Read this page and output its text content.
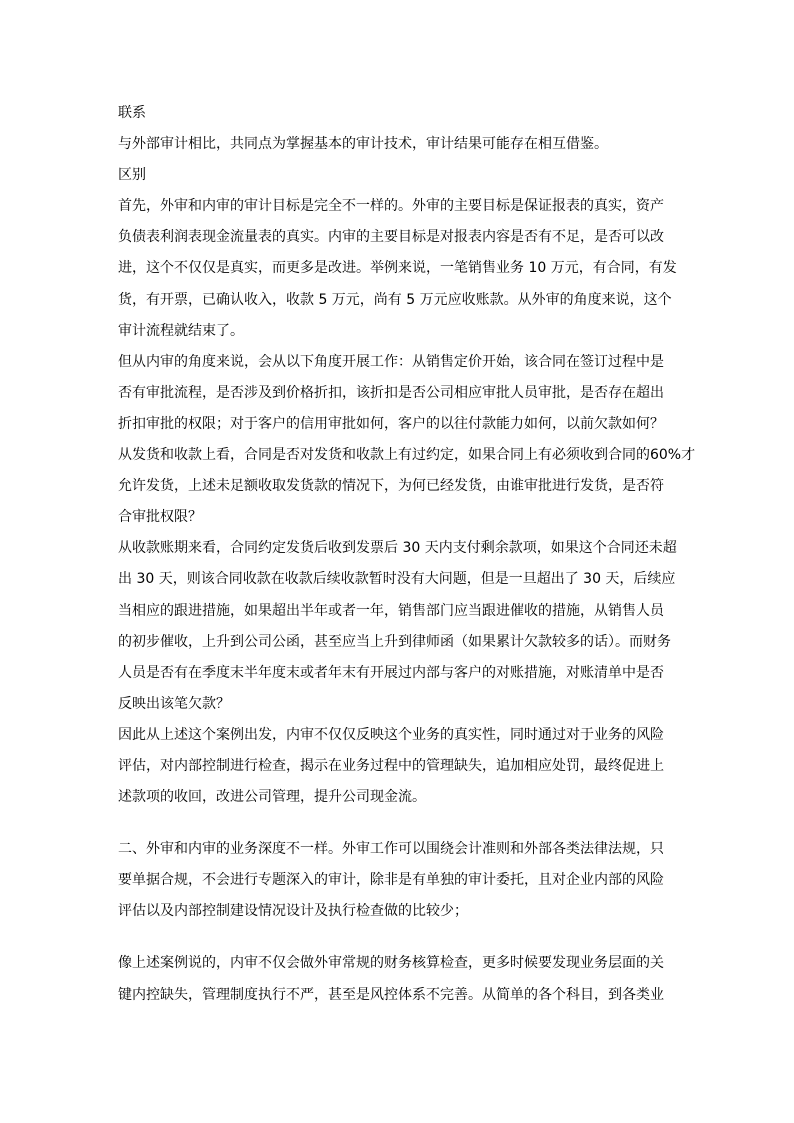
联系
与外部审计相比，共同点为掌握基本的审计技术，审计结果可能存在相互借鉴。
区别
首先，外审和内审的审计目标是完全不一样的。外审的主要目标是保证报表的真实，资产
负债表利润表现金流量表的真实。内审的主要目标是对报表内容是否有不足，是否可以改
进，这个不仅仅是真实，而更多是改进。举例来说，一笔销售业务 10 万元，有合同，有发
货，有开票，已确认收入，收款 5 万元，尚有 5 万元应收账款。从外审的角度来说，这个
审计流程就结束了。
但从内审的角度来说，会从以下角度开展工作：从销售定价开始，该合同在签订过程中是
否有审批流程，是否涉及到价格折扣，该折扣是否公司相应审批人员审批，是否存在超出
折扣审批的权限；对于客户的信用审批如何，客户的以往付款能力如何，以前欠款如何？
从发货和收款上看，合同是否对发货和收款上有过约定，如果合同上有必须收到合同的60%才
允许发货，上述未足额收取发货款的情况下，为何已经发货，由谁审批进行发货，是否符
合审批权限？
从收款账期来看，合同约定发货后收到发票后 30 天内支付剩余款项，如果这个合同还未超
出 30 天，则该合同收款在收款后续收款暂时没有大问题，但是一旦超出了 30 天，后续应
当相应的跟进措施，如果超出半年或者一年，销售部门应当跟进催收的措施，从销售人员
的初步催收，上升到公司公函，甚至应当上升到律师函（如果累计欠款较多的话）。而财务
人员是否有在季度末半年度末或者年末有开展过内部与客户的对账措施，对账清单中是否
反映出该笔欠款？
因此从上述这个案例出发，内审不仅仅反映这个业务的真实性，同时通过对于业务的风险
评估，对内部控制进行检查，揭示在业务过程中的管理缺失，追加相应处罚，最终促进上
述款项的收回，改进公司管理，提升公司现金流。
二、外审和内审的业务深度不一样。外审工作可以围绕会计准则和外部各类法律法规，只
要单据合规，不会进行专题深入的审计，除非是有单独的审计委托，且对企业内部的风险
评估以及内部控制建设情况设计及执行检查做的比较少；
像上述案例说的，内审不仅会做外审常规的财务核算检查，更多时候要发现业务层面的关
键内控缺失，管理制度执行不严，甚至是风控体系不完善。从简单的各个科目，到各类业
